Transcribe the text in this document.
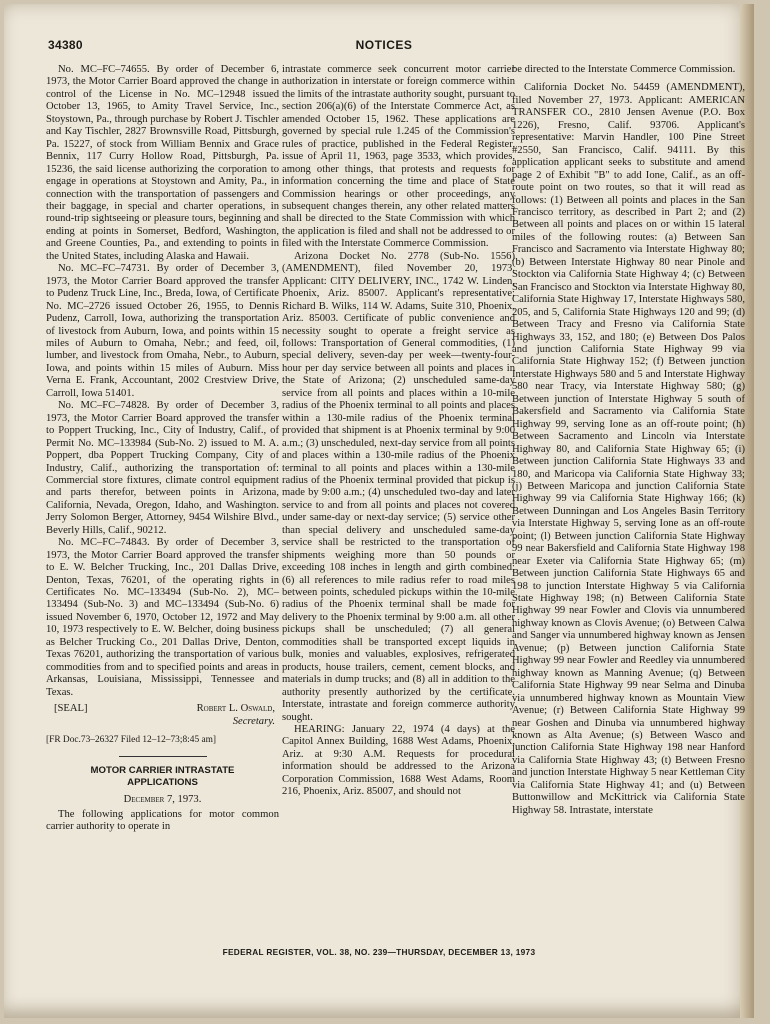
34380	NOTICES

No. MC–FC–74655. By order of December 6, 1973, the Motor Carrier Board approved the change in control of the License in No. MC–12948 issued October 13, 1965, to Amity Travel Service, Inc., Stoystown, Pa., through purchase by Robert J. Tischler and Kay Tischler, 2827 Brownsville Road, Pittsburgh, Pa. 15227, of stock from William Bennix and Grace Bennix, 117 Curry Hollow Road, Pittsburgh, Pa. 15236, the said license authorizing the corporation to engage in operations at Stoystown and Amity, Pa., in connection with the transportation of passengers and their baggage, in special and charter operations, in round-trip sightseeing or pleasure tours, beginning and ending at points in Somerset, Bedford, Washington, and Greene Counties, Pa., and extending to points in the United States, including Alaska and Hawaii.

No. MC–FC–74731. By order of December 3, 1973, the Motor Carrier Board approved the transfer to Pudenz Truck Line, Inc., Breda, Iowa, of Certificate No. MC–2726 issued October 26, 1955, to Dennis Pudenz, Carroll, Iowa, authorizing the transportation of livestock from Auburn, Iowa, and points within 15 miles of Auburn to Omaha, Nebr.; and feed, oil, lumber, and livestock from Omaha, Nebr., to Auburn, Iowa, and points within 15 miles of Auburn. Miss Verna E. Frank, Accountant, 2002 Crestview Drive, Carroll, Iowa 51401.

No. MC–FC–74828. By order of December 3, 1973, the Motor Carrier Board approved the transfer to Poppert Trucking, Inc., City of Industry, Calif., of Permit No. MC–133984 (Sub-No. 2) issued to M. A. Poppert, dba Poppert Trucking Company, City of Industry, Calif., authorizing the transportation of: Commercial store fixtures, climate control equipment and parts therefor, between points in Arizona, California, Nevada, Oregon, Idaho, and Washington. Jerry Solomon Berger, Attorney, 9454 Wilshire Blvd., Beverly Hills, Calif., 90212.

No. MC–FC–74843. By order of December 3, 1973, the Motor Carrier Board approved the transfer to E. W. Belcher Trucking, Inc., 201 Dallas Drive, Denton, Texas, 76201, of the operating rights in Certificates No. MC–133494 (Sub-No. 2), MC–133494 (Sub-No. 3) and MC–133494 (Sub-No. 6) issued November 6, 1970, October 12, 1972 and May 10, 1973 respectively to E. W. Belcher, doing business as Belcher Trucking Co., 201 Dallas Drive, Denton, Texas 76201, authorizing the transportation of various commodities from and to specified points and areas in Arkansas, Louisiana, Mississippi, Tennessee and Texas.

[SEAL]	Robert L. Oswald,
Secretary.

[FR Doc.73–26327 Filed 12–12–73;8:45 am]

MOTOR CARRIER INTRASTATE
APPLICATIONS

December 7, 1973.

The following applications for motor common carrier authority to operate in

intrastate commerce seek concurrent motor carrier authorization in interstate or foreign commerce within the limits of the intrastate authority sought, pursuant to section 206(a)(6) of the Interstate Commerce Act, as amended October 15, 1962. These applications are governed by special rule 1.245 of the Commission's rules of practice, published in the Federal Register, issue of April 11, 1963, page 3533, which provides, among other things, that protests and requests for information concerning the time and place of State Commission hearings or other proceedings, any subsequent changes therein, any other related matters shall be directed to the State Commission with which the application is filed and shall not be addressed to or filed with the Interstate Commerce Commission.

Arizona Docket No. 2778 (Sub-No. 1556) (AMENDMENT), filed November 20, 1973. Applicant: CITY DELIVERY, INC., 1742 W. Linden, Phoenix, Ariz. 85007. Applicant's representative: Richard B. Wilks, 114 W. Adams, Suite 310, Phoenix, Ariz. 85003. Certificate of public convenience and necessity sought to operate a freight service as follows: Transportation of General commodities, (1) special delivery, seven-day per week—twenty-four-hour per day service between all points and places in the State of Arizona; (2) unscheduled same-day service from all points and places within a 10-mile radius of the Phoenix terminal to all points and places within a 130-mile radius of the Phoenix terminal provided that shipment is at Phoenix terminal by 9:00 a.m.; (3) unscheduled, next-day service from all points and places within a 130-mile radius of the Phoenix terminal to all points and places within a 130-mile radius of the Phoenix terminal provided that pickup is made by 9:00 a.m.; (4) unscheduled two-day and later service to and from all points and places not covered under same-day or next-day service; (5) service other than special delivery and unscheduled same-day service shall be restricted to the transportation of shipments weighing more than 50 pounds or exceeding 108 inches in length and girth combined; (6) all references to mile radius refer to road miles between points, scheduled pickups within the 10-mile radius of the Phoenix terminal shall be made for delivery to the Phoenix terminal by 9:00 a.m. all other pickups shall be unscheduled; (7) all general commodities shall be transported except liquids in bulk, monies and valuables, explosives, refrigerated products, house trailers, cement, cement blocks, and materials in dump trucks; and (8) all in addition to the authority presently authorized by the certificate. Interstate, intrastate and foreign commerce authority sought.

HEARING: January 22, 1974 (4 days) at the Capitol Annex Building, 1688 West Adams, Phoenix, Ariz. at 9:30 A.M. Requests for procedural information should be addressed to the Arizona Corporation Commission, 1688 West Adams, Room 216, Phoenix, Ariz. 85007, and should not

be directed to the Interstate Commerce Commission.

California Docket No. 54459 (AMENDMENT), filed November 27, 1973. Applicant: AMERICAN TRANSFER CO., 2810 Jensen Avenue (P.O. Box 1226), Fresno, Calif. 93706. Applicant's representative: Marvin Handler, 100 Pine Street #2550, San Francisco, Calif. 94111. By this application applicant seeks to substitute and amend page 2 of Exhibit "B" to add Ione, Calif., as an off-route point on two routes, so that it will read as follows: (1) Between all points and places in the San Francisco territory, as described in Part 2; and (2) Between all points and places on or within 15 lateral miles of the following routes: (a) Between San Francisco and Sacramento via Interstate Highway 80; (b) Between Interstate Highway 80 near Pinole and Stockton via California State Highway 4; (c) Between San Francisco and Stockton via Interstate Highway 80, California State Highway 17, Interstate Highways 580, 205, and 5, California State Highways 120 and 99; (d) Between Tracy and Fresno via California State Highways 33, 152, and 180; (e) Between Dos Palos and junction California State Highway 99 via California State Highway 152; (f) Between junction Interstate Highways 580 and 5 and Interstate Highway 580 near Tracy, via Interstate Highway 580; (g) Between junction of Interstate Highway 5 south of Bakersfield and Sacramento via California State Highway 99, serving Ione as an off-route point; (h) Between Sacramento and Lincoln via Interstate Highway 80, and California State Highway 65; (i) Between junction California State Highways 33 and 180, and Maricopa via California State Highway 33; (j) Between Maricopa and junction California State Highway 99 via California State Highway 166; (k) Between Dunningan and Los Angeles Basin Territory via Interstate Highway 5, serving Ione as an off-route point; (l) Between junction California State Highway 99 near Bakersfield and California State Highway 198 near Exeter via California State Highway 65; (m) Between junction California State Highways 65 and 198 to junction Interstate Highway 5 via California State Highway 198; (n) Between California State Highway 99 near Fowler and Clovis via unnumbered highway known as Clovis Avenue; (o) Between Calwa and Sanger via unnumbered highway known as Jensen Avenue; (p) Between junction California State Highway 99 near Fowler and Reedley via unnumbered highway known as Manning Avenue; (q) Between California State Highway 99 near Selma and Dinuba via unnumbered highway known as Mountain View Avenue; (r) Between California State Highway 99 near Goshen and Dinuba via unnumbered highway known as Alta Avenue; (s) Between Wasco and junction California State Highway 198 near Hanford via California State Highway 43; (t) Between Fresno and junction Interstate Highway 5 near Kettleman City via California State Highway 41; and (u) Between Buttonwillow and McKittrick via California State Highway 58. Intrastate, interstate

FEDERAL REGISTER, VOL. 38, NO. 239—THURSDAY, DECEMBER 13, 1973
